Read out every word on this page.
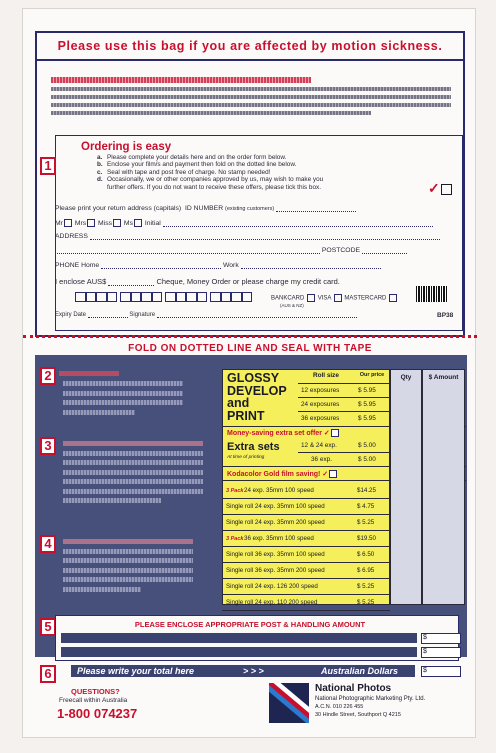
Please use this bag if you are affected by motion sickness.
1
Ordering is easy
a. Please complete your details here and on the order form below.
b. Enclose your film/s and payment then fold on the dotted line below.
c. Seal with tape and post free of charge. No stamp needed!
d. Occasionally, we or other companies approved by us, may wish to make you
further offers. If you do not want to receive these offers, please tick this box.	✓
Please print your return address (capitals) ID NUMBER (existing customers)
Mr Mrs Miss Ms Initial
ADDRESS
POSTCODE
PHONE Home	Work
I enclose AUS$	Cheque, Money Order or please charge my credit card.
BANKCARD VISA MASTERCARD
(AUS & NZ)
Expiry Date	Signature	BP38
FOLD ON DOTTED LINE AND SEAL WITH TAPE
2
3
4
GLOSSY
DEVELOP
and
PRINT
Roll size	Our price
12 exposures	$ 5.95
24 exposures	$ 5.95
36 exposures	$ 5.95
Money-saving extra set offer ✓
Extra sets
At time of printing
12 & 24 exp.	$ 5.00
36 exp.	$ 5.00
Kodacolor Gold film saving! ✓
Qty	$ Amount
3 Pack 24 exp. 35mm 100 speed	$14.25
Single roll 24 exp. 35mm 100 speed	$ 4.75
Single roll 24 exp. 35mm 200 speed	$ 5.25
3 Pack 36 exp. 35mm 100 speed	$19.50
Single roll 36 exp. 35mm 100 speed	$ 6.50
Single roll 36 exp. 35mm 200 speed	$ 6.95
Single roll 24 exp. 126 200 speed	$ 5.25
Single roll 24 exp. 110 200 speed	$ 5.25
5	PLEASE ENCLOSE APPROPRIATE POST & HANDLING AMOUNT
$
$
6	Please write your total here	> > >	Australian Dollars	$
QUESTIONS?
Freecall within Australia
1-800 074237
National Photos
National Photographic Marketing Pty. Ltd.
A.C.N. 010 226 455
30 Hindle Street, Southport Q 4215
